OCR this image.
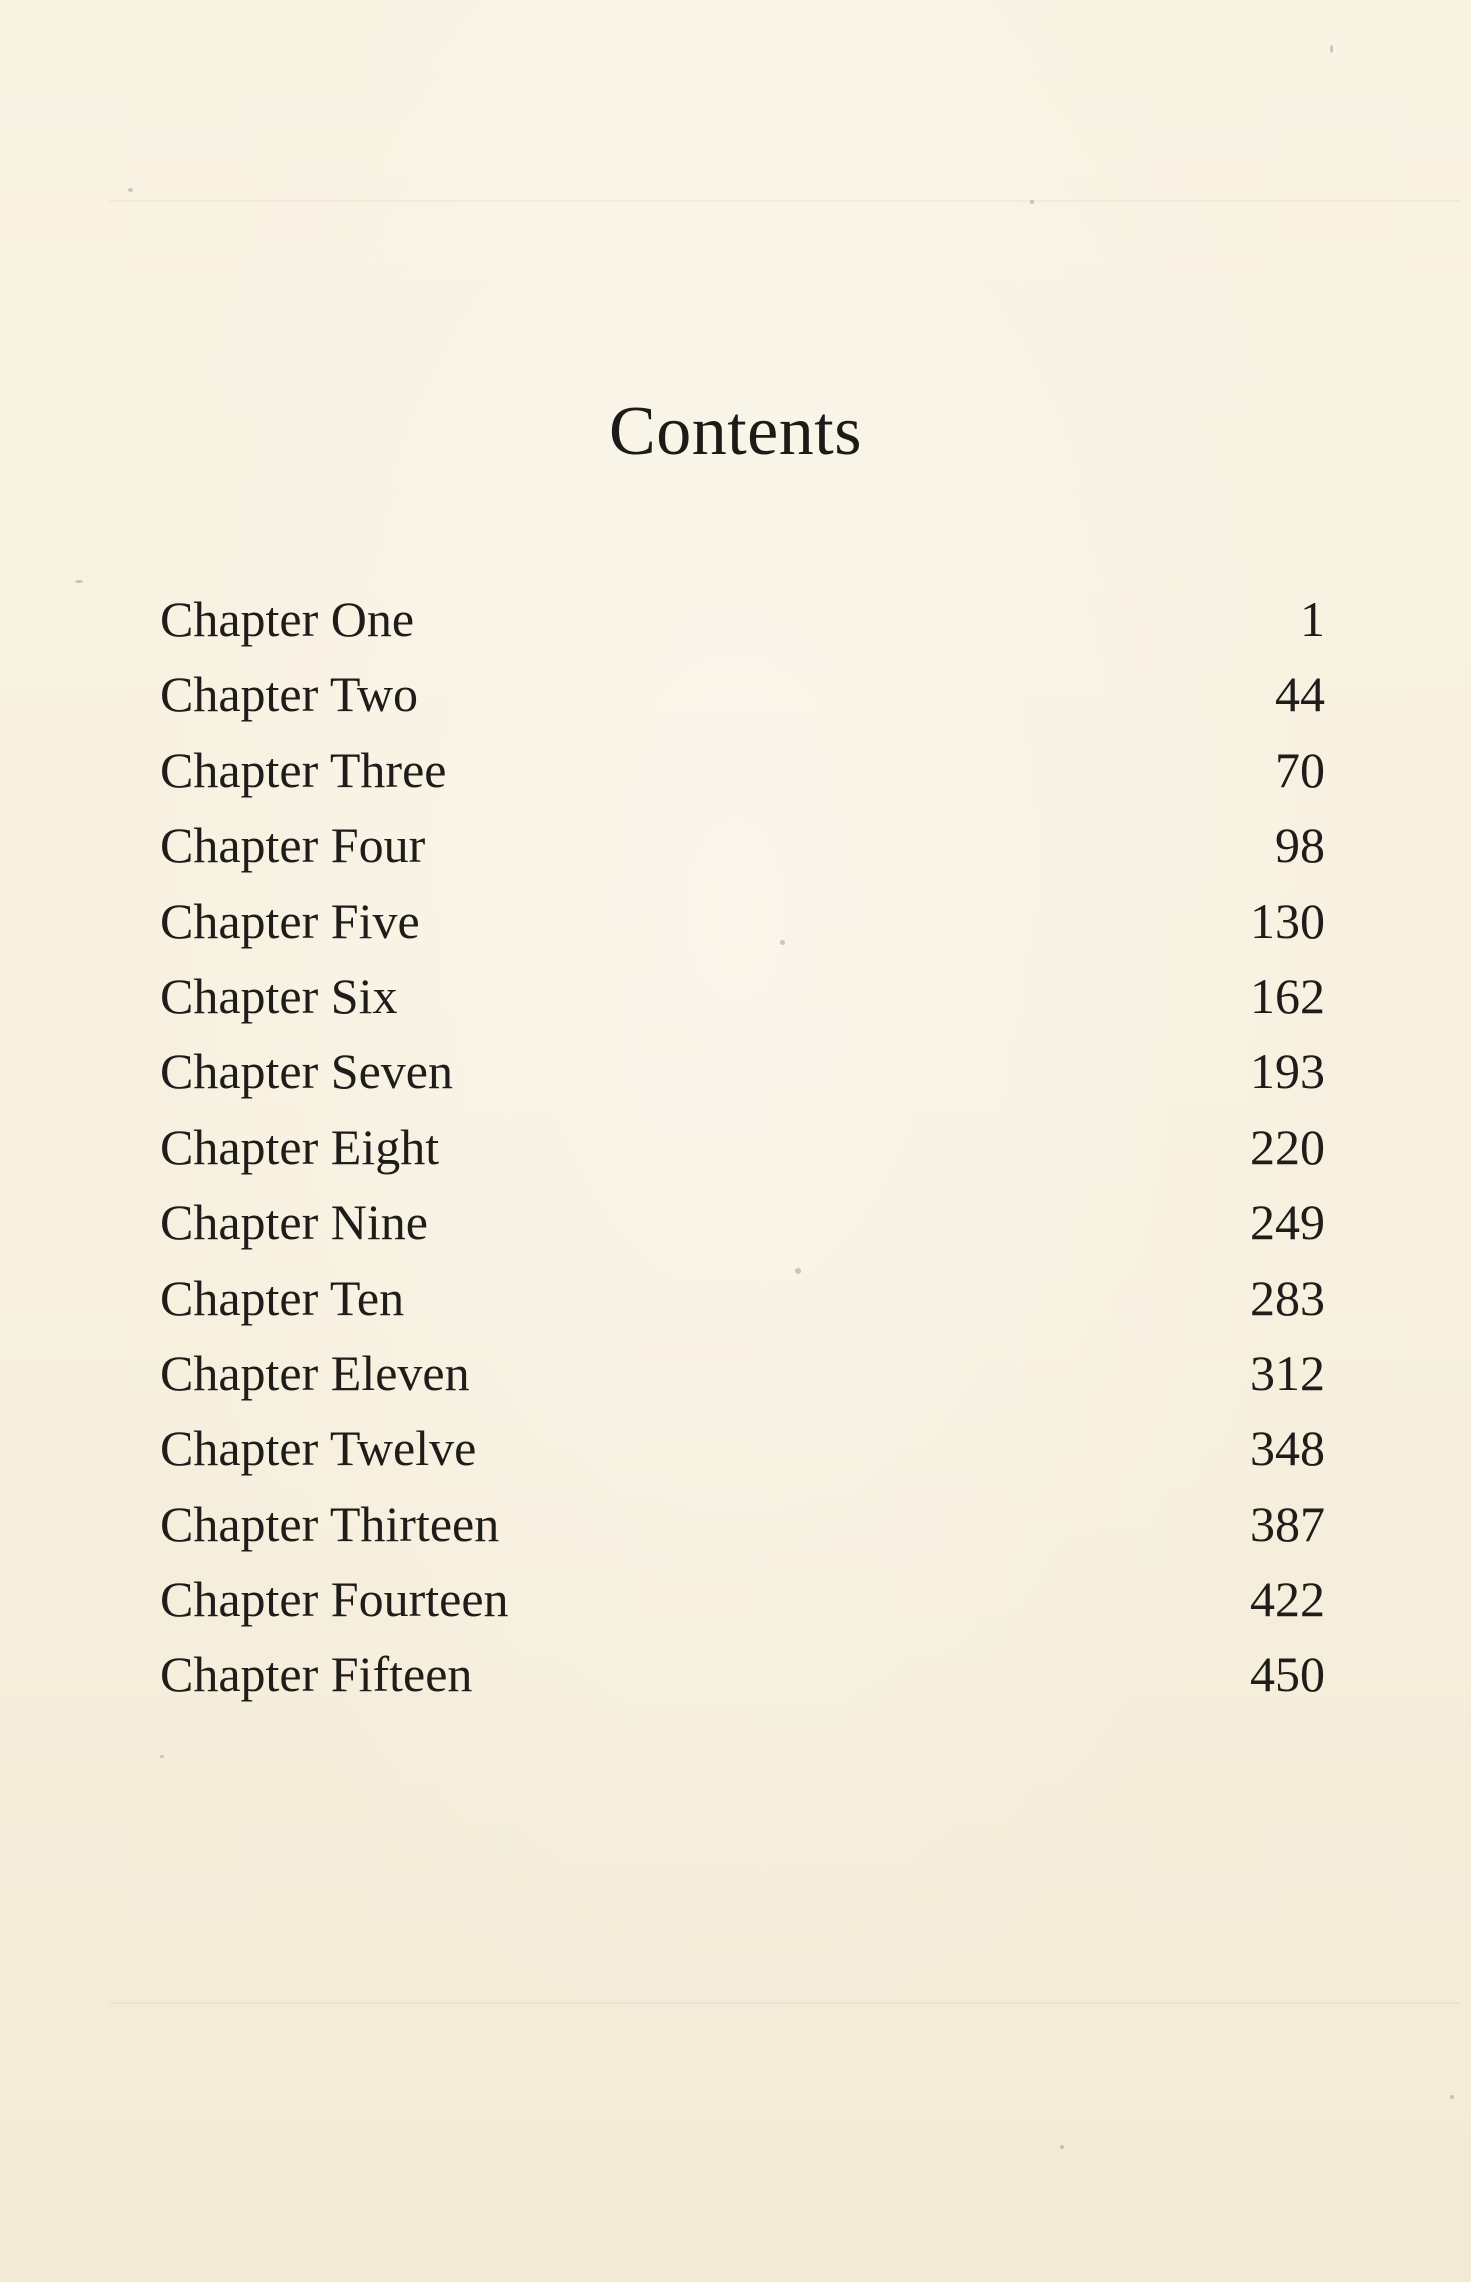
Contents
Chapter One	1
Chapter Two	44
Chapter Three	70
Chapter Four	98
Chapter Five	130
Chapter Six	162
Chapter Seven	193
Chapter Eight	220
Chapter Nine	249
Chapter Ten	283
Chapter Eleven	312
Chapter Twelve	348
Chapter Thirteen	387
Chapter Fourteen	422
Chapter Fifteen	450
